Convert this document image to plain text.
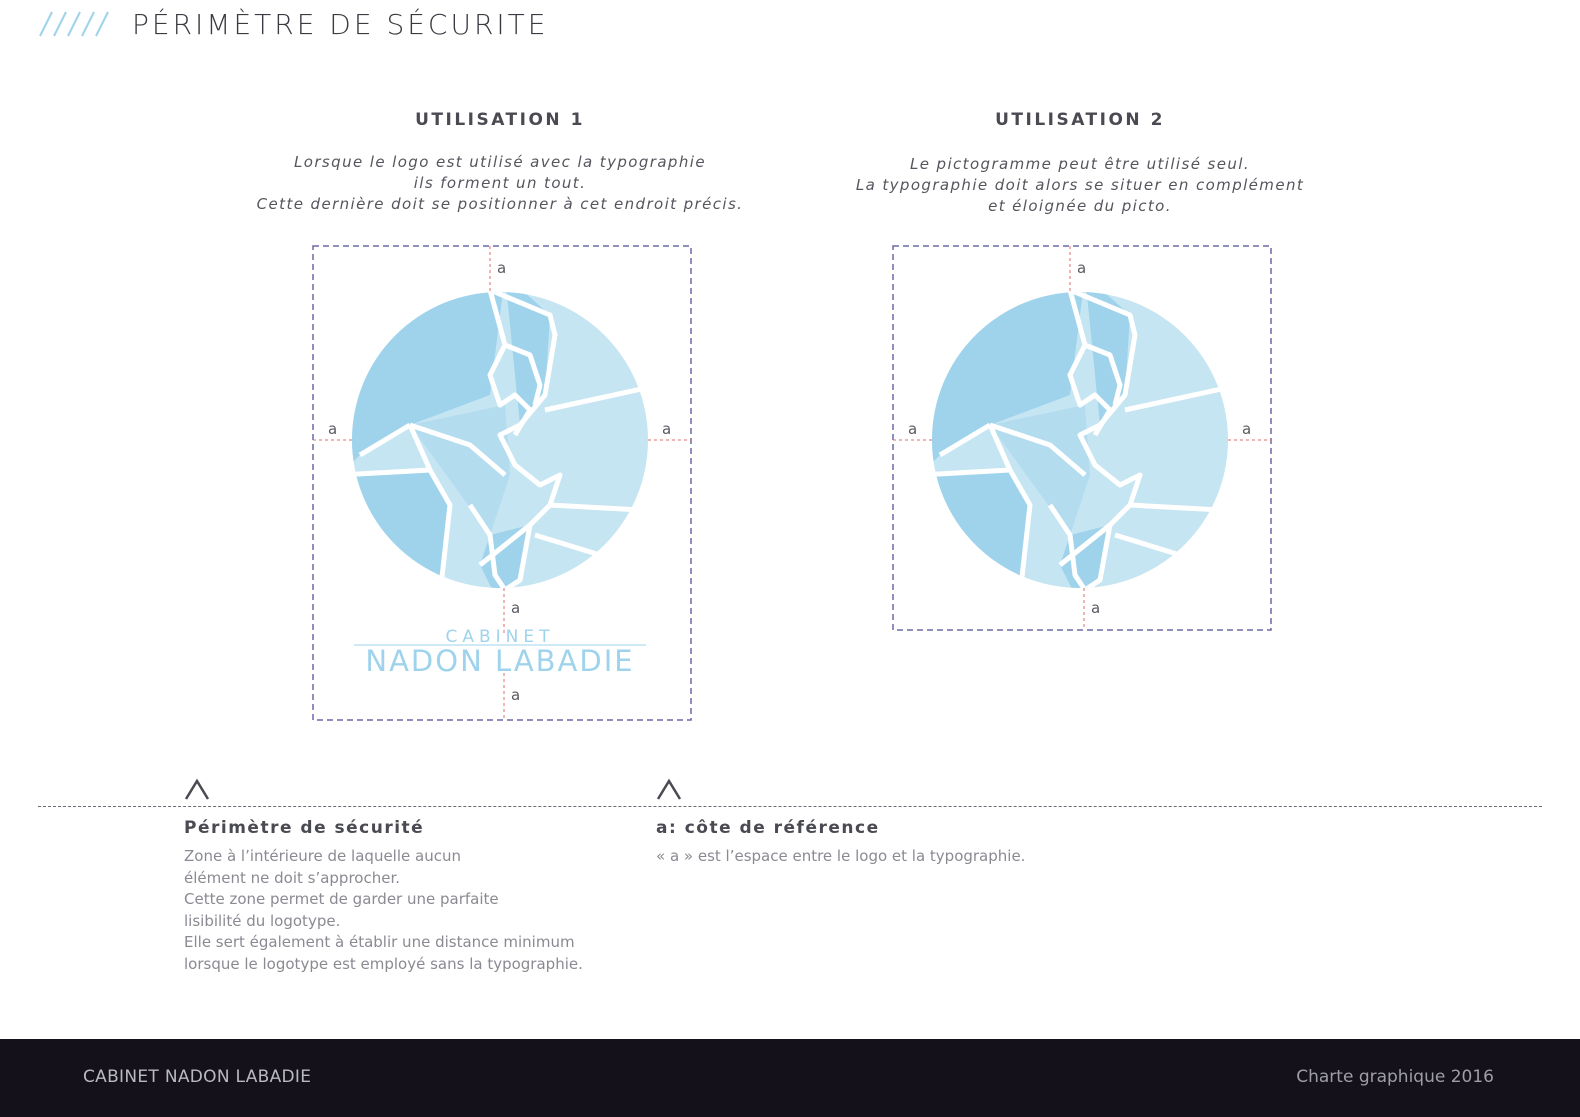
PÉRIMÈTRE DE SÉCURITE
UTILISATION 1
Lorsque le logo est utilisé avec la typographie
ils forment un tout.
Cette dernière doit se positionner à cet endroit précis.
UTILISATION 2
Le pictogramme peut être utilisé seul.
La typographie doit alors se situer en complément
et éloignée du picto.
a
a	a
a
a
CABINET
NADON LABADIE
a
a	a
a
Périmètre de sécurité
Zone à l’intérieure de laquelle aucun
élément ne doit s’approcher.
Cette zone permet de garder une parfaite
lisibilité du logotype.
Elle sert également à établir une distance minimum
lorsque le logotype est employé sans la typographie.
a: côte de référence
« a » est l’espace entre le logo et la typographie.
CABINET NADON LABADIE	Charte graphique 2016
